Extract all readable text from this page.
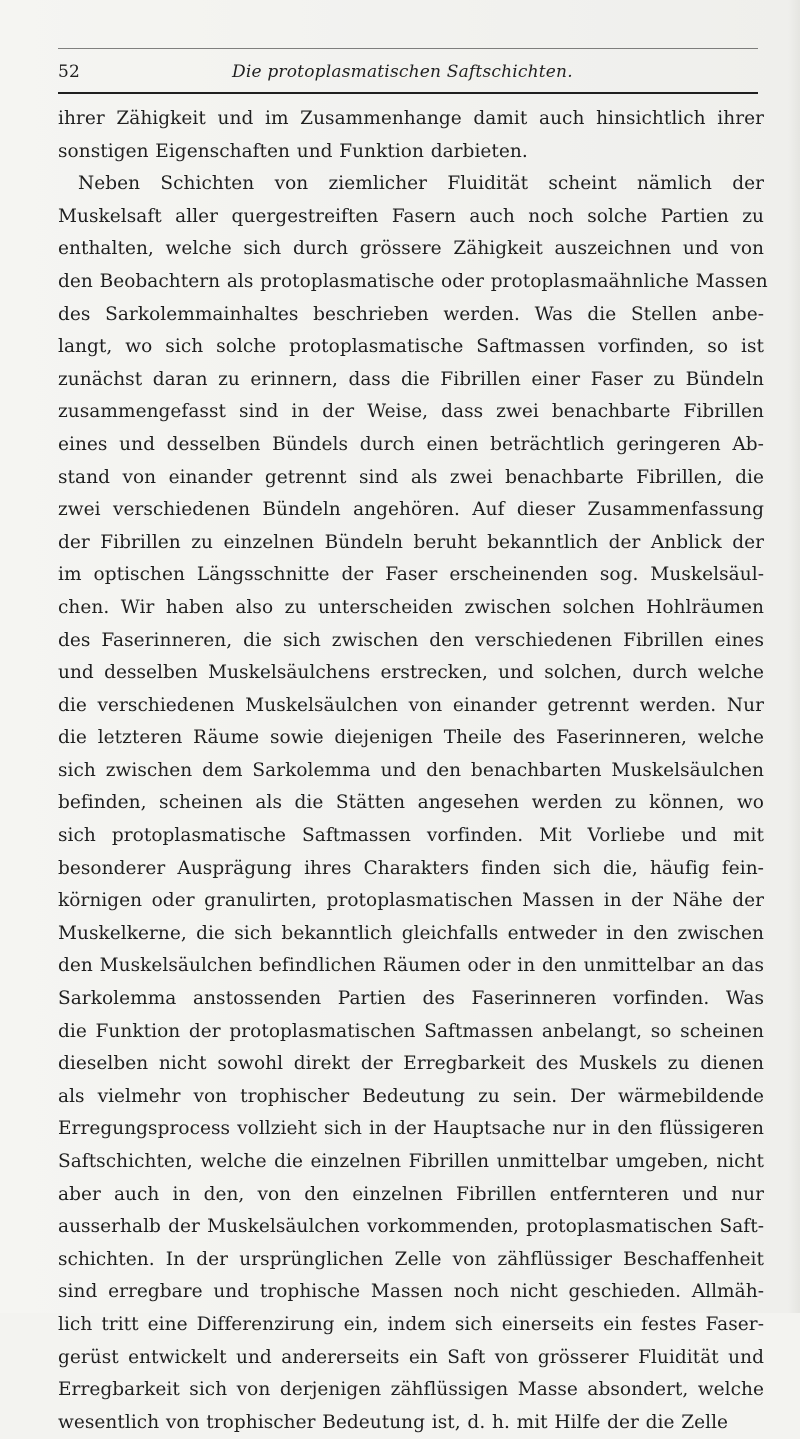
52	Die protoplasmatischen Saftschichten.
ihrer Zähigkeit und im Zusammenhange damit auch hinsichtlich ihrer
sonstigen Eigenschaften und Funktion darbieten.
Neben Schichten von ziemlicher Fluidität scheint nämlich der
Muskelsaft aller quergestreiften Fasern auch noch solche Partien zu
enthalten, welche sich durch grössere Zähigkeit auszeichnen und von
den Beobachtern als protoplasmatische oder protoplasmaähnliche Massen
des Sarkolemmainhaltes beschrieben werden. Was die Stellen anbe-
langt, wo sich solche protoplasmatische Saftmassen vorfinden, so ist
zunächst daran zu erinnern, dass die Fibrillen einer Faser zu Bündeln
zusammengefasst sind in der Weise, dass zwei benachbarte Fibrillen
eines und desselben Bündels durch einen beträchtlich geringeren Ab-
stand von einander getrennt sind als zwei benachbarte Fibrillen, die
zwei verschiedenen Bündeln angehören. Auf dieser Zusammenfassung
der Fibrillen zu einzelnen Bündeln beruht bekanntlich der Anblick der
im optischen Längsschnitte der Faser erscheinenden sog. Muskelsäul-
chen. Wir haben also zu unterscheiden zwischen solchen Hohlräumen
des Faserinneren, die sich zwischen den verschiedenen Fibrillen eines
und desselben Muskelsäulchens erstrecken, und solchen, durch welche
die verschiedenen Muskelsäulchen von einander getrennt werden. Nur
die letzteren Räume sowie diejenigen Theile des Faserinneren, welche
sich zwischen dem Sarkolemma und den benachbarten Muskelsäulchen
befinden, scheinen als die Stätten angesehen werden zu können, wo
sich protoplasmatische Saftmassen vorfinden. Mit Vorliebe und mit
besonderer Ausprägung ihres Charakters finden sich die, häufig fein-
körnigen oder granulirten, protoplasmatischen Massen in der Nähe der
Muskelkerne, die sich bekanntlich gleichfalls entweder in den zwischen
den Muskelsäulchen befindlichen Räumen oder in den unmittelbar an das
Sarkolemma anstossenden Partien des Faserinneren vorfinden. Was
die Funktion der protoplasmatischen Saftmassen anbelangt, so scheinen
dieselben nicht sowohl direkt der Erregbarkeit des Muskels zu dienen
als vielmehr von trophischer Bedeutung zu sein. Der wärmebildende
Erregungsprocess vollzieht sich in der Hauptsache nur in den flüssigeren
Saftschichten, welche die einzelnen Fibrillen unmittelbar umgeben, nicht
aber auch in den, von den einzelnen Fibrillen entfernteren und nur
ausserhalb der Muskelsäulchen vorkommenden, protoplasmatischen Saft-
schichten. In der ursprünglichen Zelle von zähflüssiger Beschaffenheit
sind erregbare und trophische Massen noch nicht geschieden. Allmäh-
lich tritt eine Differenzirung ein, indem sich einerseits ein festes Faser-
gerüst entwickelt und andererseits ein Saft von grösserer Fluidität und
Erregbarkeit sich von derjenigen zähflüssigen Masse absondert, welche
wesentlich von trophischer Bedeutung ist, d. h. mit Hilfe der die Zelle
